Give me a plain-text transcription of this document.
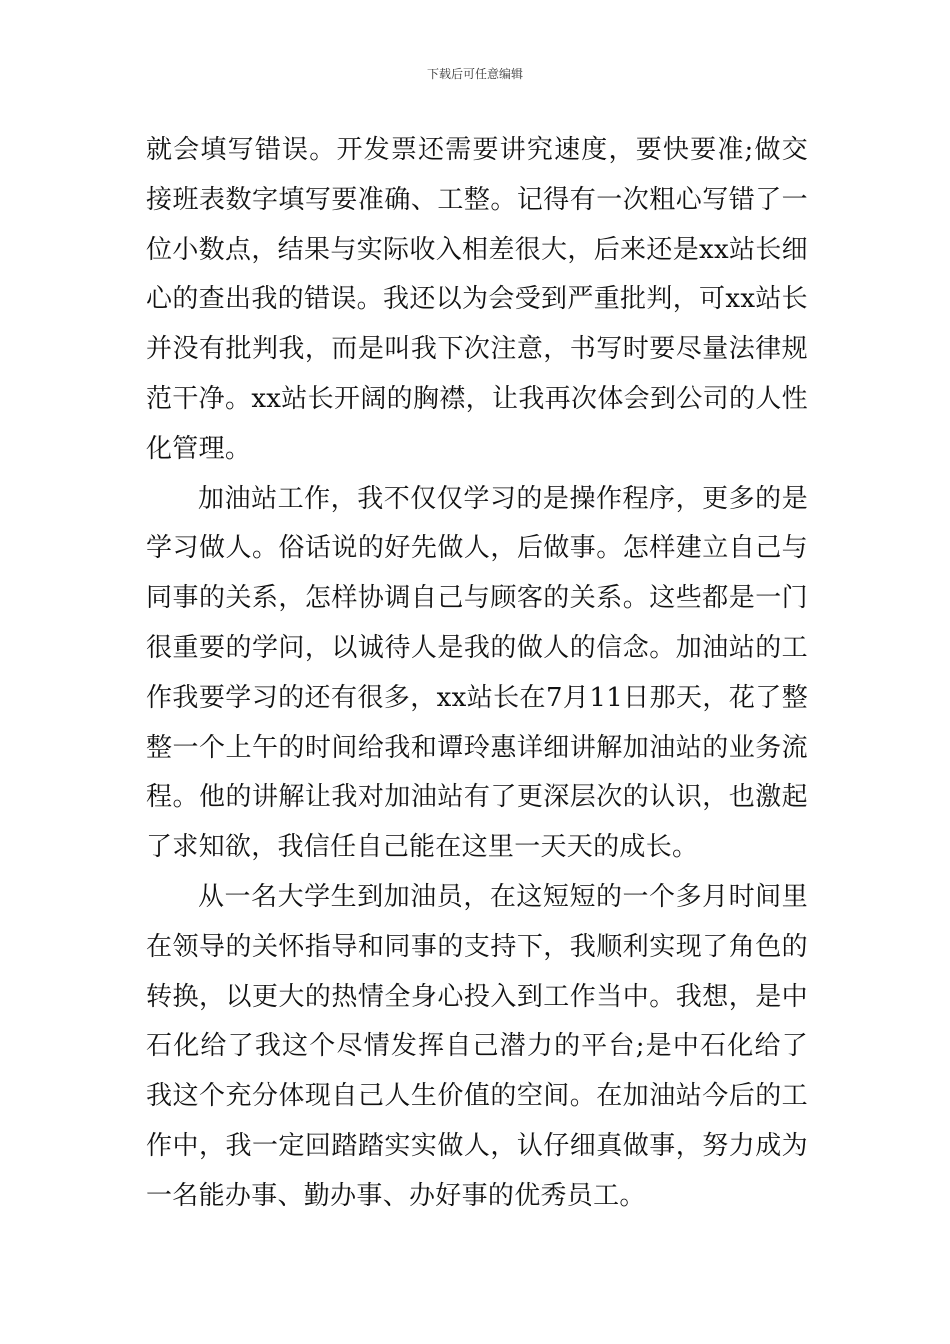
下载后可任意编辑

就会填写错误。开发票还需要讲究速度，要快要准;做交接班表数字填写要准确、工整。记得有一次粗心写错了一位小数点，结果与实际收入相差很大，后来还是xx站长细心的查出我的错误。我还以为会受到严重批判，可xx站长并没有批判我，而是叫我下次注意，书写时要尽量法律规范干净。xx站长开阔的胸襟，让我再次体会到公司的人性化管理。

加油站工作，我不仅仅学习的是操作程序，更多的是学习做人。俗话说的好先做人，后做事。怎样建立自己与同事的关系，怎样协调自己与顾客的关系。这些都是一门很重要的学问，以诚待人是我的做人的信念。加油站的工作我要学习的还有很多，xx站长在7月11日那天，花了整整一个上午的时间给我和谭玲惠详细讲解加油站的业务流程。他的讲解让我对加油站有了更深层次的认识，也激起了求知欲，我信任自己能在这里一天天的成长。

从一名大学生到加油员，在这短短的一个多月时间里在领导的关怀指导和同事的支持下，我顺利实现了角色的转换，以更大的热情全身心投入到工作当中。我想，是中石化给了我这个尽情发挥自己潜力的平台;是中石化给了我这个充分体现自己人生价值的空间。在加油站今后的工作中，我一定回踏踏实实做人，认仔细真做事，努力成为一名能办事、勤办事、办好事的优秀员工。
